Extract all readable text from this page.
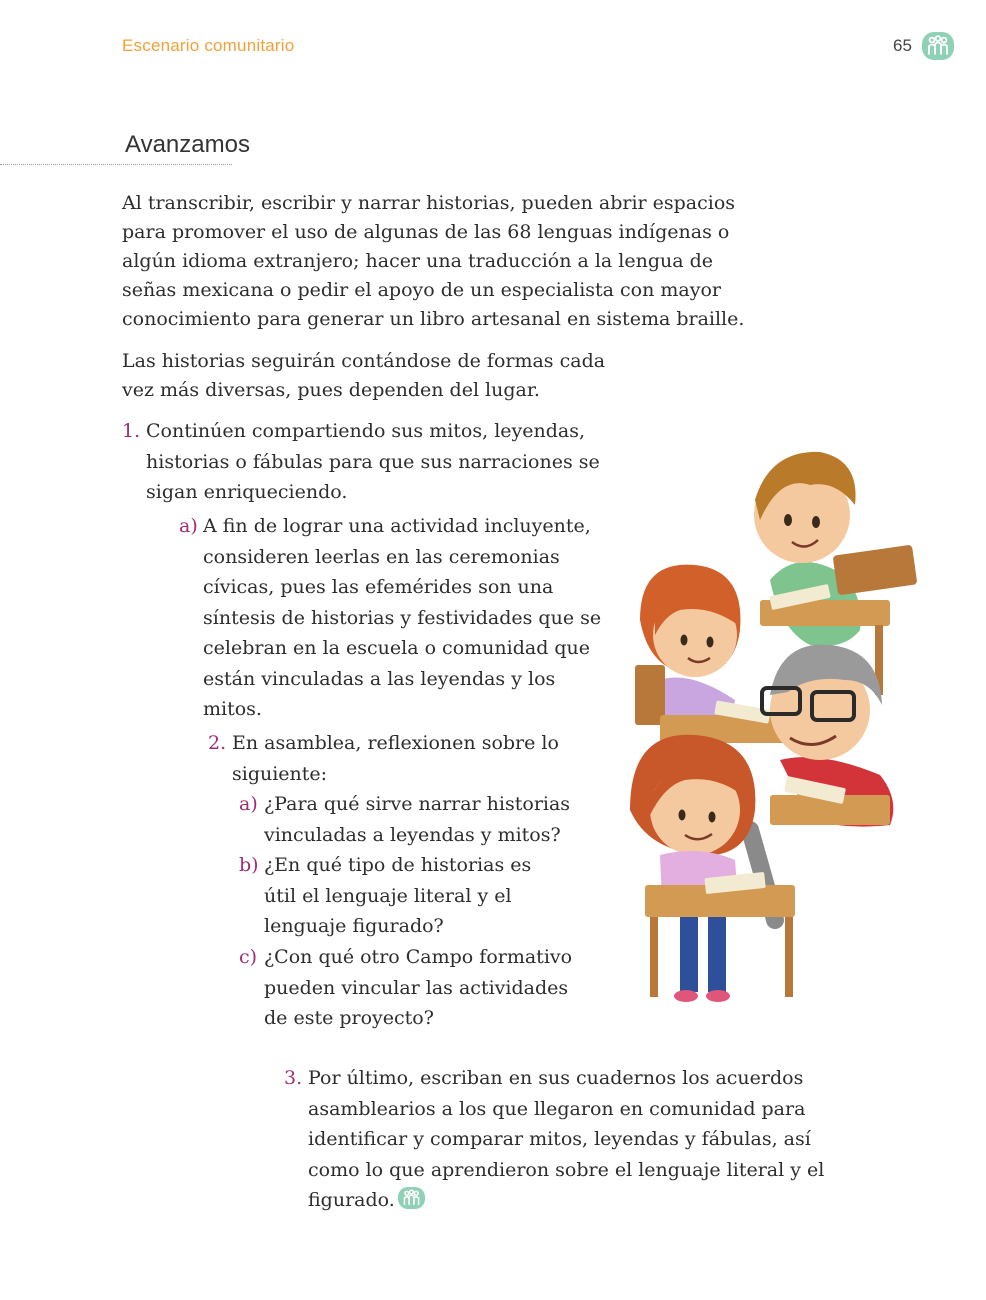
Escenario comunitario	65
Avanzamos

Al transcribir, escribir y narrar historias, pueden abrir espacios para promover el uso de algunas de las 68 lenguas indígenas o algún idioma extranjero; hacer una traducción a la lengua de señas mexicana o pedir el apoyo de un especialista con mayor conocimiento para generar un libro artesanal en sistema braille.

Las historias seguirán contándose de formas cada vez más diversas, pues dependen del lugar.

1. Continúen compartiendo sus mitos, leyendas, historias o fábulas para que sus narraciones se sigan enriqueciendo.
a) A fin de lograr una actividad incluyente, consideren leerlas en las ceremonias cívicas, pues las efemérides son una síntesis de historias y festividades que se celebran en la escuela o comunidad que están vinculadas a las leyendas y los mitos.
2. En asamblea, reflexionen sobre lo siguiente:
a) ¿Para qué sirve narrar historias vinculadas a leyendas y mitos?
b) ¿En qué tipo de historias es útil el lenguaje literal y el lenguaje figurado?
c) ¿Con qué otro Campo formativo pueden vincular las actividades de este proyecto?
3. Por último, escriban en sus cuadernos los acuerdos asamblearios a los que llegaron en comunidad para identificar y comparar mitos, leyendas y fábulas, así como lo que aprendieron sobre el lenguaje literal y el figurado.
